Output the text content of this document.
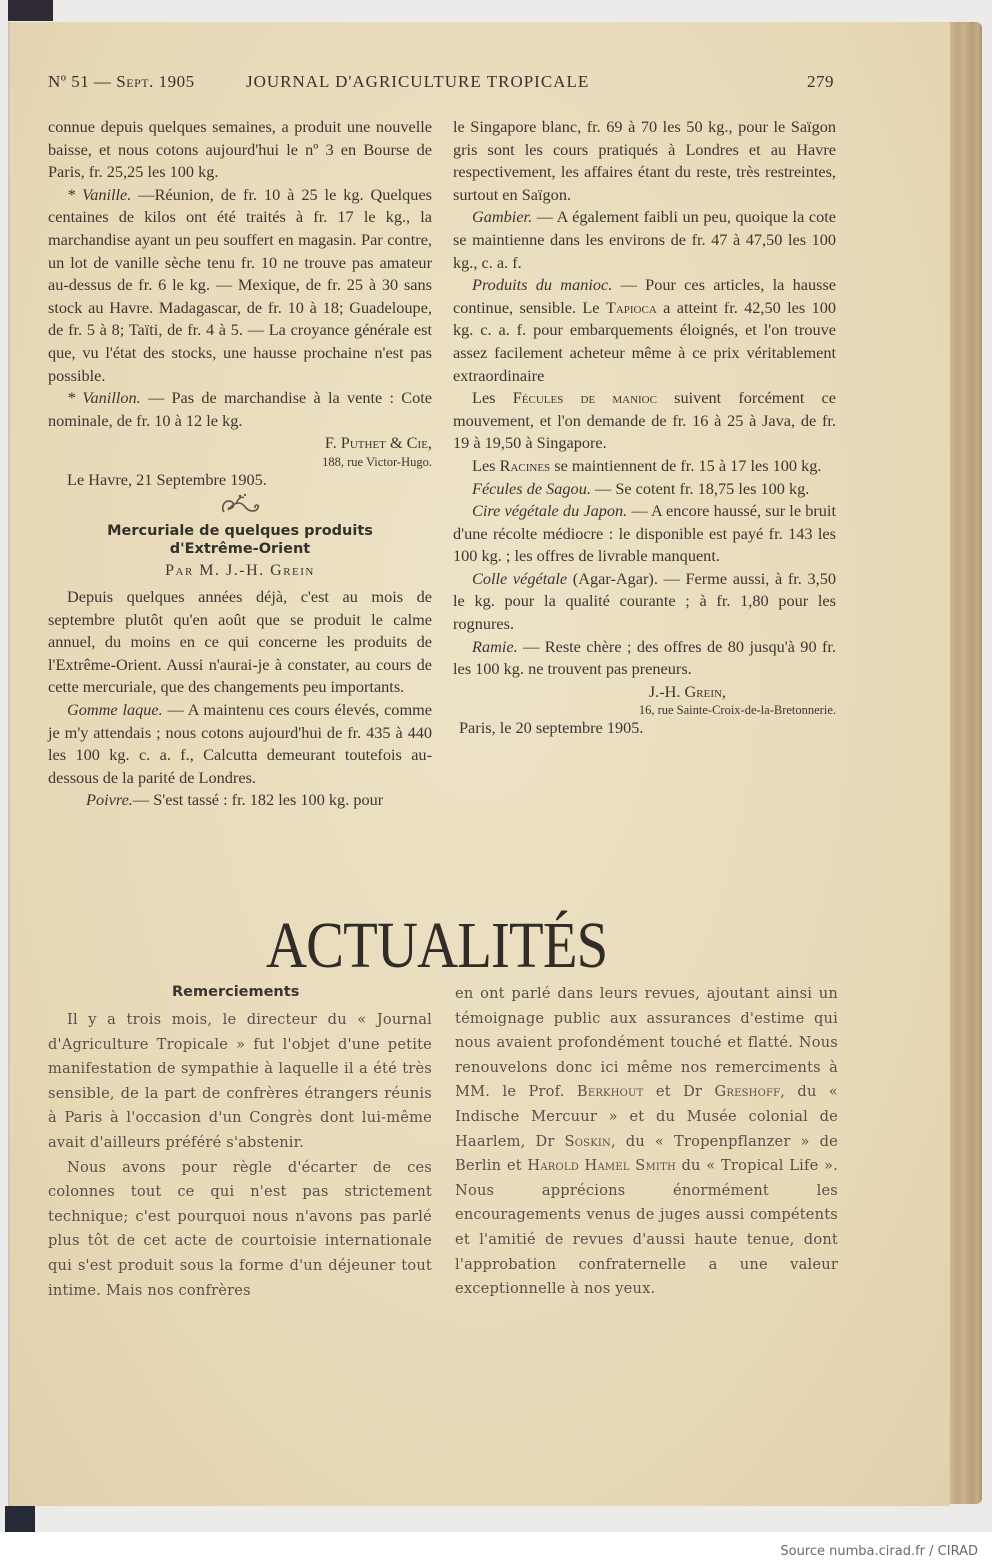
Nº 51 — Sept. 1905	JOURNAL D'AGRICULTURE TROPICALE	279

connue depuis quelques semaines, a produit une nouvelle baisse, et nous cotons aujourd'hui le nº 3 en Bourse de Paris, fr. 25,25 les 100 kg.

* Vanille. —Réunion, de fr. 10 à 25 le kg. Quelques centaines de kilos ont été traités à fr. 17 le kg., la marchandise ayant un peu souffert en magasin. Par contre, un lot de vanille sèche tenu fr. 10 ne trouve pas amateur au-dessus de fr. 6 le kg. — Mexique, de fr. 25 à 30 sans stock au Havre. Madagascar, de fr. 10 à 18; Guadeloupe, de fr. 5 à 8; Taïti, de fr. 4 à 5. — La croyance générale est que, vu l'état des stocks, une hausse prochaine n'est pas possible.

* Vanillon. — Pas de marchandise à la vente : Cote nominale, de fr. 10 à 12 le kg.

F. Puthet & Cie,

188, rue Victor-Hugo.

Le Havre, 21 Septembre 1905.

Mercuriale de quelques produits
d'Extrême-Orient

Par M. J.-H. Grein

Depuis quelques années déjà, c'est au mois de septembre plutôt qu'en août que se produit le calme annuel, du moins en ce qui concerne les produits de l'Extrême-Orient. Aussi n'aurai-je à constater, au cours de cette mercuriale, que des changements peu importants.

Gomme laque. — A maintenu ces cours élevés, comme je m'y attendais ; nous cotons aujourd'hui de fr. 435 à 440 les 100 kg. c. a. f., Calcutta demeurant toutefois au-dessous de la parité de Londres.

Poivre.— S'est tassé : fr. 182 les 100 kg. pour

le Singapore blanc, fr. 69 à 70 les 50 kg., pour le Saïgon gris sont les cours pratiqués à Londres et au Havre respectivement, les affaires étant du reste, très restreintes, surtout en Saïgon.

Gambier. — A également faibli un peu, quoique la cote se maintienne dans les environs de fr. 47 à 47,50 les 100 kg., c. a. f.

Produits du manioc. — Pour ces articles, la hausse continue, sensible. Le Tapioca a atteint fr. 42,50 les 100 kg. c. a. f. pour embarquements éloignés, et l'on trouve assez facilement acheteur même à ce prix véritablement extraordinaire

Les Fécules de manioc suivent forcément ce mouvement, et l'on demande de fr. 16 à 25 à Java, de fr. 19 à 19,50 à Singapore.

Les Racines se maintiennent de fr. 15 à 17 les 100 kg.

Fécules de Sagou. — Se cotent fr. 18,75 les 100 kg.

Cire végétale du Japon. — A encore haussé, sur le bruit d'une récolte médiocre : le disponible est payé fr. 143 les 100 kg. ; les offres de livrable manquent.

Colle végétale (Agar-Agar). — Ferme aussi, à fr. 3,50 le kg. pour la qualité courante ; à fr. 1,80 pour les rognures.

Ramie. — Reste chère ; des offres de 80 jusqu'à 90 fr. les 100 kg. ne trouvent pas preneurs.

J.-H. Grein,

16, rue Sainte-Croix-de-la-Bretonnerie.

Paris, le 20 septembre 1905.

ACTUALITÉS
Remerciements

Il y a trois mois, le directeur du « Journal d'Agriculture Tropicale » fut l'objet d'une petite manifestation de sympathie à laquelle il a été très sensible, de la part de confrères étrangers réunis à Paris à l'occasion d'un Congrès dont lui-même avait d'ailleurs préféré s'abstenir.

Nous avons pour règle d'écarter de ces colonnes tout ce qui n'est pas strictement technique; c'est pourquoi nous n'avons pas parlé plus tôt de cet acte de courtoisie internationale qui s'est produit sous la forme d'un déjeuner tout intime. Mais nos confrères

en ont parlé dans leurs revues, ajoutant ainsi un témoignage public aux assurances d'estime qui nous avaient profondément touché et flatté. Nous renouvelons donc ici même nos remerciments à MM. le Prof. Berkhout et Dr Greshoff, du « Indische Mercuur » et du Musée colonial de Haarlem, Dr Soskin, du « Tropenpflanzer » de Berlin et Harold Hamel Smith du « Tropical Life ». Nous apprécions énormément les encouragements venus de juges aussi compétents et l'amitié de revues d'aussi haute tenue, dont l'approbation confraternelle a une valeur exceptionnelle à nos yeux.

Source numba.cirad.fr / CIRAD
